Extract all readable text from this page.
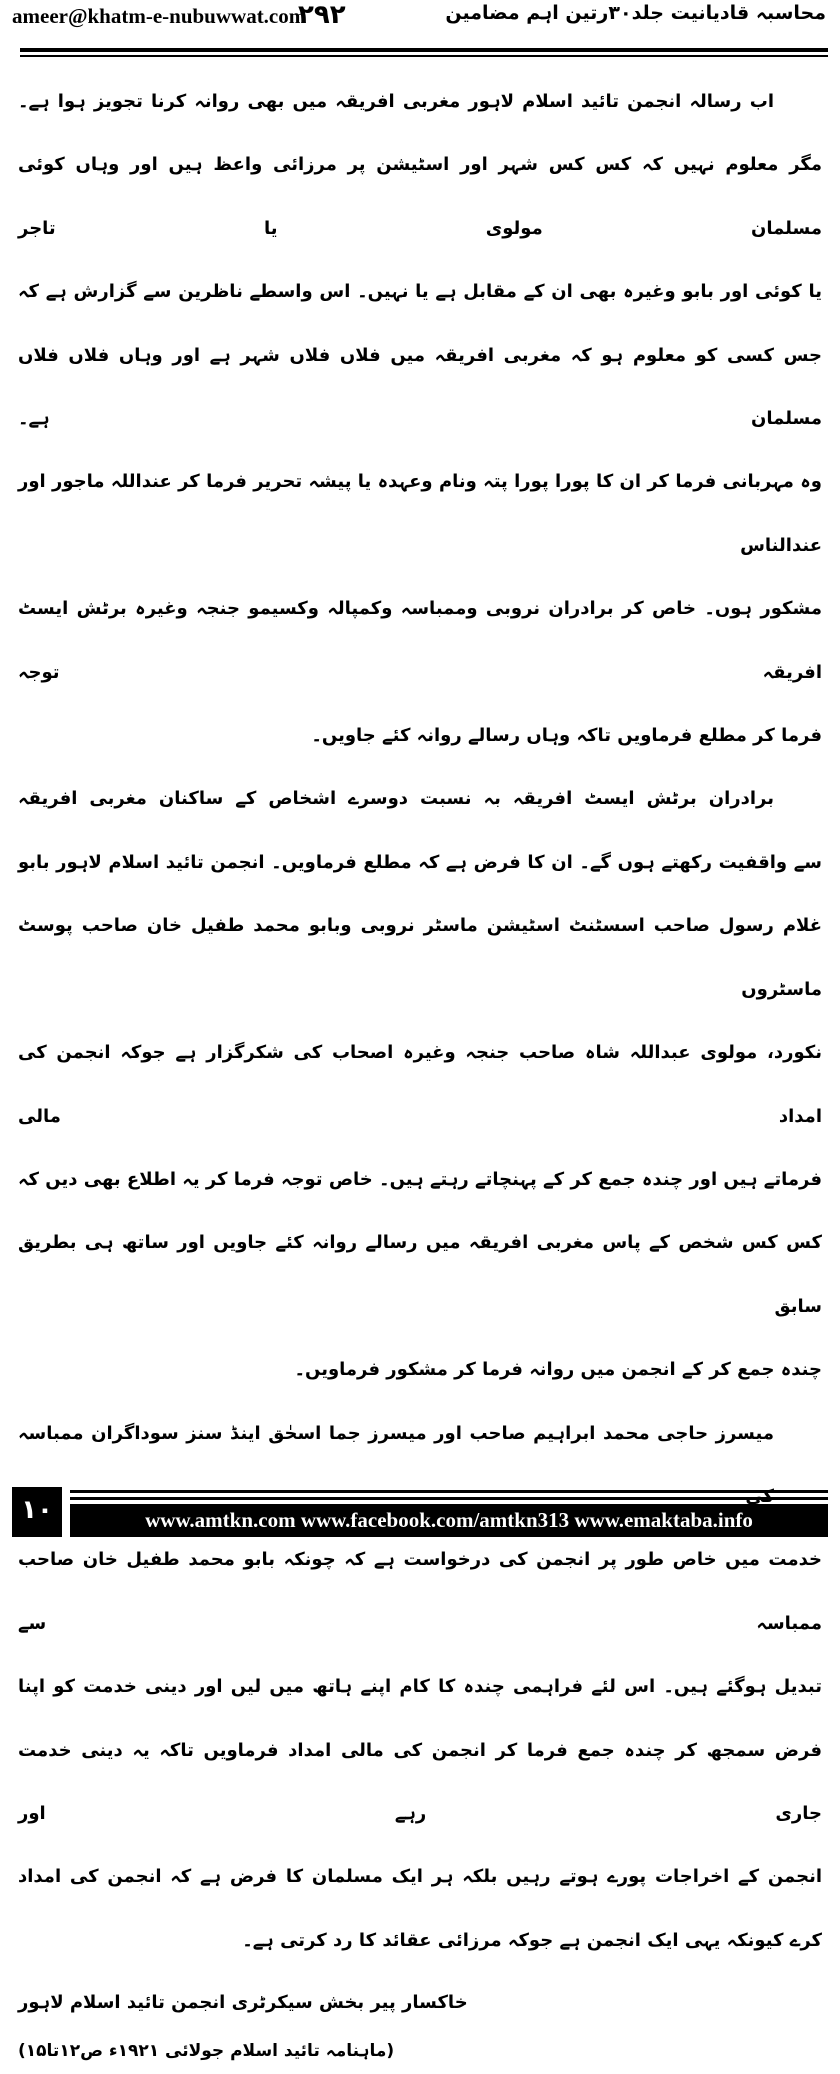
ameer@khatm-e-nubuwwat.com
۲۹۲	محاسبہ قادیانیت جلد۳۰رتین اہم مضامین
اب رسالہ انجمن تائید اسلام لاہور مغربی افریقہ میں بھی روانہ کرنا تجویز ہوا ہے۔
مگر معلوم نہیں کہ کس کس شہر اور اسٹیشن پر مرزائی واعظ ہیں اور وہاں کوئی مسلمان مولوی یا تاجر
یا کوئی اور بابو وغیرہ بھی ان کے مقابل ہے یا نہیں۔ اس واسطے ناظرین سے گزارش ہے کہ
جس کسی کو معلوم ہو کہ مغربی افریقہ میں فلاں فلاں شہر ہے اور وہاں فلاں فلاں مسلمان ہے۔
وہ مہربانی فرما کر ان کا پورا پورا پتہ ونام وعہدہ یا پیشہ تحریر فرما کر عنداللہ ماجور اور عندالناس
مشکور ہوں۔ خاص کر برادران نروبی وممباسہ وکمپالہ وکسیمو جنجہ وغیرہ برٹش ایسٹ افریقہ توجہ
فرما کر مطلع فرماویں تاکہ وہاں رسالے روانہ کئے جاویں۔
برادران برٹش ایسٹ افریقہ بہ نسبت دوسرے اشخاص کے ساکنان مغربی افریقہ
سے واقفیت رکھتے ہوں گے۔ ان کا فرض ہے کہ مطلع فرماویں۔ انجمن تائید اسلام لاہور بابو
غلام رسول صاحب اسسٹنٹ اسٹیشن ماسٹر نروبی وبابو محمد طفیل خان صاحب پوسٹ ماسٹروں
نکورد، مولوی عبداللہ شاہ صاحب جنجہ وغیرہ اصحاب کی شکرگزار ہے جوکہ انجمن کی امداد مالی
فرماتے ہیں اور چندہ جمع کر کے پہنچاتے رہتے ہیں۔ خاص توجہ فرما کر یہ اطلاع بھی دیں کہ
کس کس شخص کے پاس مغربی افریقہ میں رسالے روانہ کئے جاویں اور ساتھ ہی بطریق سابق
چندہ جمع کر کے انجمن میں روانہ فرما کر مشکور فرماویں۔
میسرز حاجی محمد ابراہیم صاحب اور میسرز جما اسحٰق اینڈ سنز سوداگران ممباسہ
خدمت میں خاص طور پر انجمن کی درخواست ہے کہ چونکہ بابو محمد طفیل خان صاحب ممباسہ سے
تبدیل ہوگئے ہیں۔ اس لئے فراہمی چندہ کا کام اپنے ہاتھ میں لیں اور دینی خدمت کو اپنا
فرض سمجھ کر چندہ جمع فرما کر انجمن کی مالی امداد فرماویں تاکہ یہ دینی خدمت جاری رہے اور
انجمن کے اخراجات پورے ہوتے رہیں بلکہ ہر ایک مسلمان کا فرض ہے کہ انجمن کی امداد
کرے کیونکہ یہی ایک انجمن ہے جوکہ مرزائی عقائد کا رد کرتی ہے۔
خاکسار پیر بخش سیکرٹری انجمن تائید اسلام لاہور
(ماہنامہ تائید اسلام جولائی ۱۹۲۱ء ص۱۲تا۱۵)
۱۰	www.amtkn.com www.facebook.com/amtkn313 www.emaktaba.info
